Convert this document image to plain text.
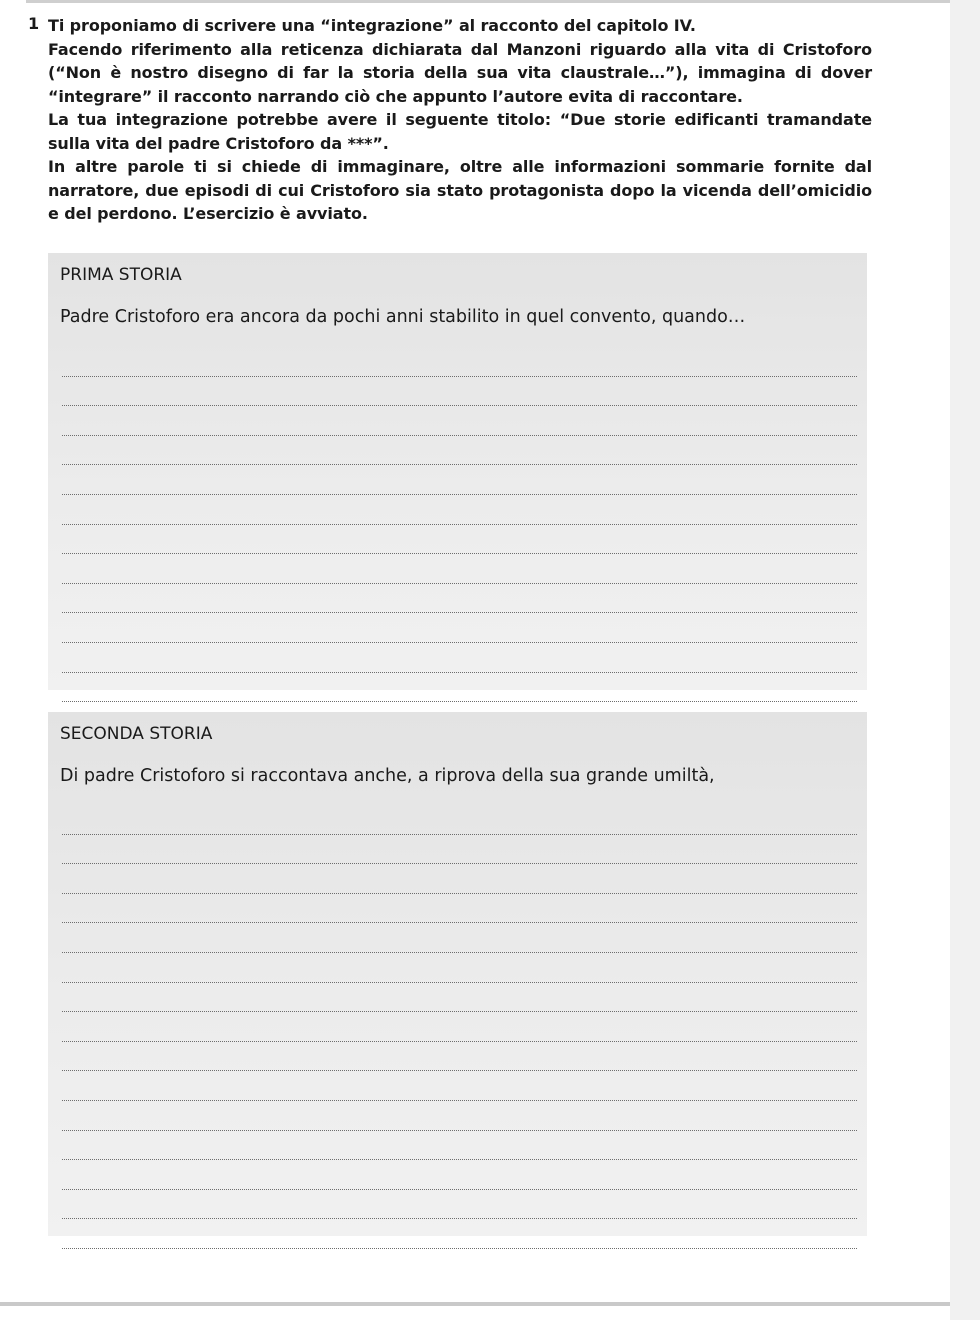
1 Ti proponiamo di scrivere una “integrazione” al racconto del capitolo IV.

Facendo riferimento alla reticenza dichiarata dal Manzoni riguardo alla vita di Cristoforo (“Non è nostro disegno di far la storia della sua vita claustrale…”), immagina di dover “integrare” il racconto narrando ciò che appunto l’autore evita di raccontare.

La tua integrazione potrebbe avere il seguente titolo: “Due storie edificanti tramandate sulla vita del padre Cristoforo da ***”.

In altre parole ti si chiede di immaginare, oltre alle informazioni sommarie fornite dal narratore, due episodi di cui Cristoforo sia stato protagonista dopo la vicenda dell’omicidio e del perdono. L’esercizio è avviato.

PRIMA STORIA
Padre Cristoforo era ancora da pochi anni stabilito in quel convento, quando…
SECONDA STORIA
Di padre Cristoforo si raccontava anche, a riprova della sua grande umiltà,
